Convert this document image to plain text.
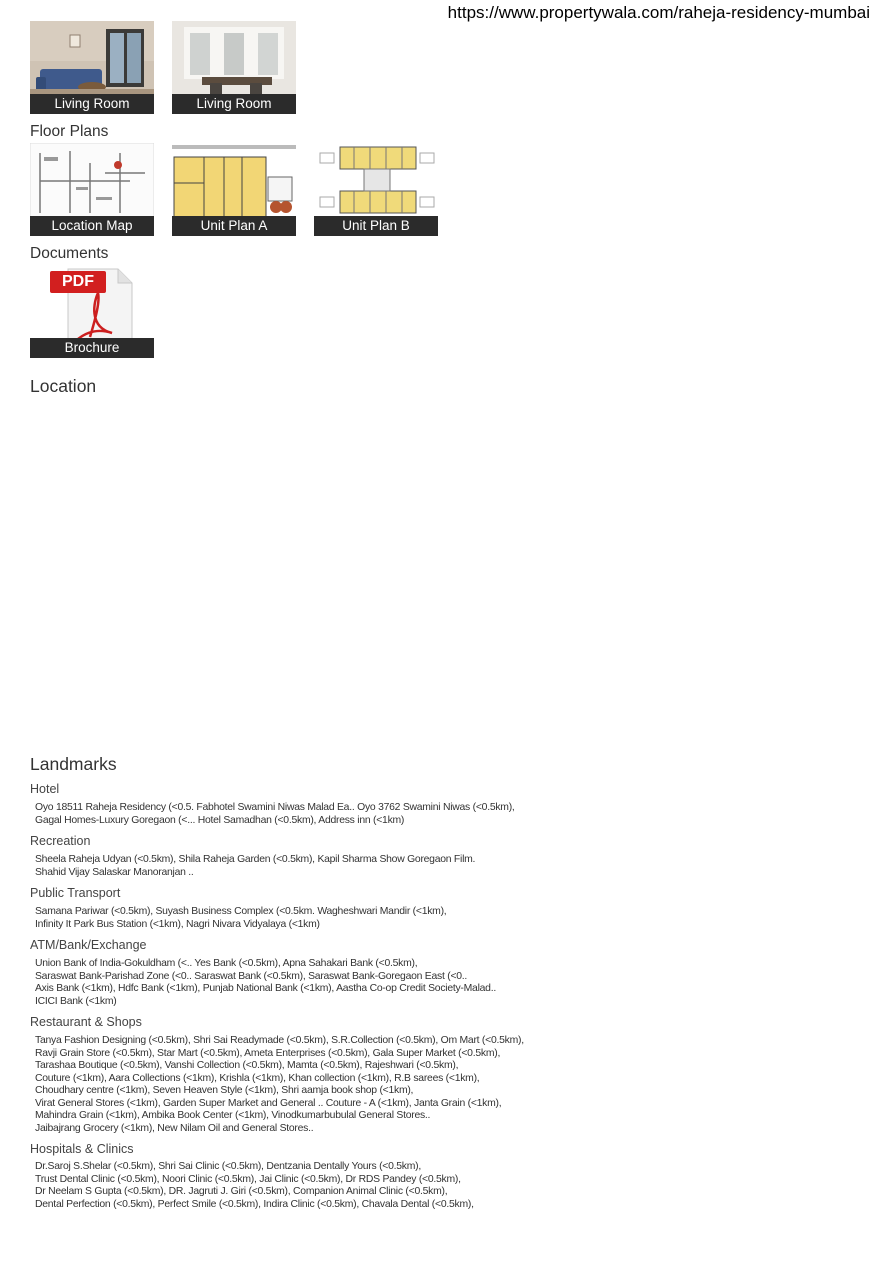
https://www.propertywala.com/raheja-residency-mumbai
Living Room	Living Room
Floor Plans
Location Map	Unit Plan A	Unit Plan B
Documents
PDF
Brochure
Location
Landmarks
Hotel
Oyo 18511 Raheja Residency (<0.5. Fabhotel Swamini Niwas Malad Ea.. Oyo 3762 Swamini Niwas (<0.5km),
Gagal Homes-Luxury Goregaon (<... Hotel Samadhan (<0.5km), Address inn (<1km)
Recreation
Sheela Raheja Udyan (<0.5km), Shila Raheja Garden (<0.5km), Kapil Sharma Show Goregaon Film.
Shahid Vijay Salaskar Manoranjan ..
Public Transport
Samana Pariwar (<0.5km), Suyash Business Complex (<0.5km. Wagheshwari Mandir (<1km),
Infinity It Park Bus Station (<1km), Nagri Nivara Vidyalaya (<1km)
ATM/Bank/Exchange
Union Bank of India-Gokuldham (<.. Yes Bank (<0.5km), Apna Sahakari Bank (<0.5km),
Saraswat Bank-Parishad Zone (<0.. Saraswat Bank (<0.5km), Saraswat Bank-Goregaon East (<0..
Axis Bank (<1km), Hdfc Bank (<1km), Punjab National Bank (<1km), Aastha Co-op Credit Society-Malad..
ICICI Bank (<1km)
Restaurant & Shops
Tanya Fashion Designing (<0.5km), Shri Sai Readymade (<0.5km), S.R.Collection (<0.5km), Om Mart (<0.5km),
Ravji Grain Store (<0.5km), Star Mart (<0.5km), Ameta Enterprises (<0.5km), Gala Super Market (<0.5km),
Tarashaa Boutique (<0.5km), Vanshi Collection (<0.5km), Mamta (<0.5km), Rajeshwari (<0.5km),
Couture (<1km), Aara Collections (<1km), Krishla (<1km), Khan collection (<1km), R.B sarees (<1km),
Choudhary centre (<1km), Seven Heaven Style (<1km), Shri aamja book shop (<1km),
Virat General Stores (<1km), Garden Super Market and General .. Couture - A (<1km), Janta Grain (<1km),
Mahindra Grain (<1km), Ambika Book Center (<1km), Vinodkumarbubulal General Stores..
Jaibajrang Grocery (<1km), New Nilam Oil and General Stores..
Hospitals & Clinics
Dr.Saroj S.Shelar (<0.5km), Shri Sai Clinic (<0.5km), Dentzania Dentally Yours (<0.5km),
Trust Dental Clinic (<0.5km), Noori Clinic (<0.5km), Jai Clinic (<0.5km), Dr RDS Pandey (<0.5km),
Dr Neelam S Gupta (<0.5km), DR. Jagruti J. Giri (<0.5km), Companion Animal Clinic (<0.5km),
Dental Perfection (<0.5km), Perfect Smile (<0.5km), Indira Clinic (<0.5km), Chavala Dental (<0.5km),
